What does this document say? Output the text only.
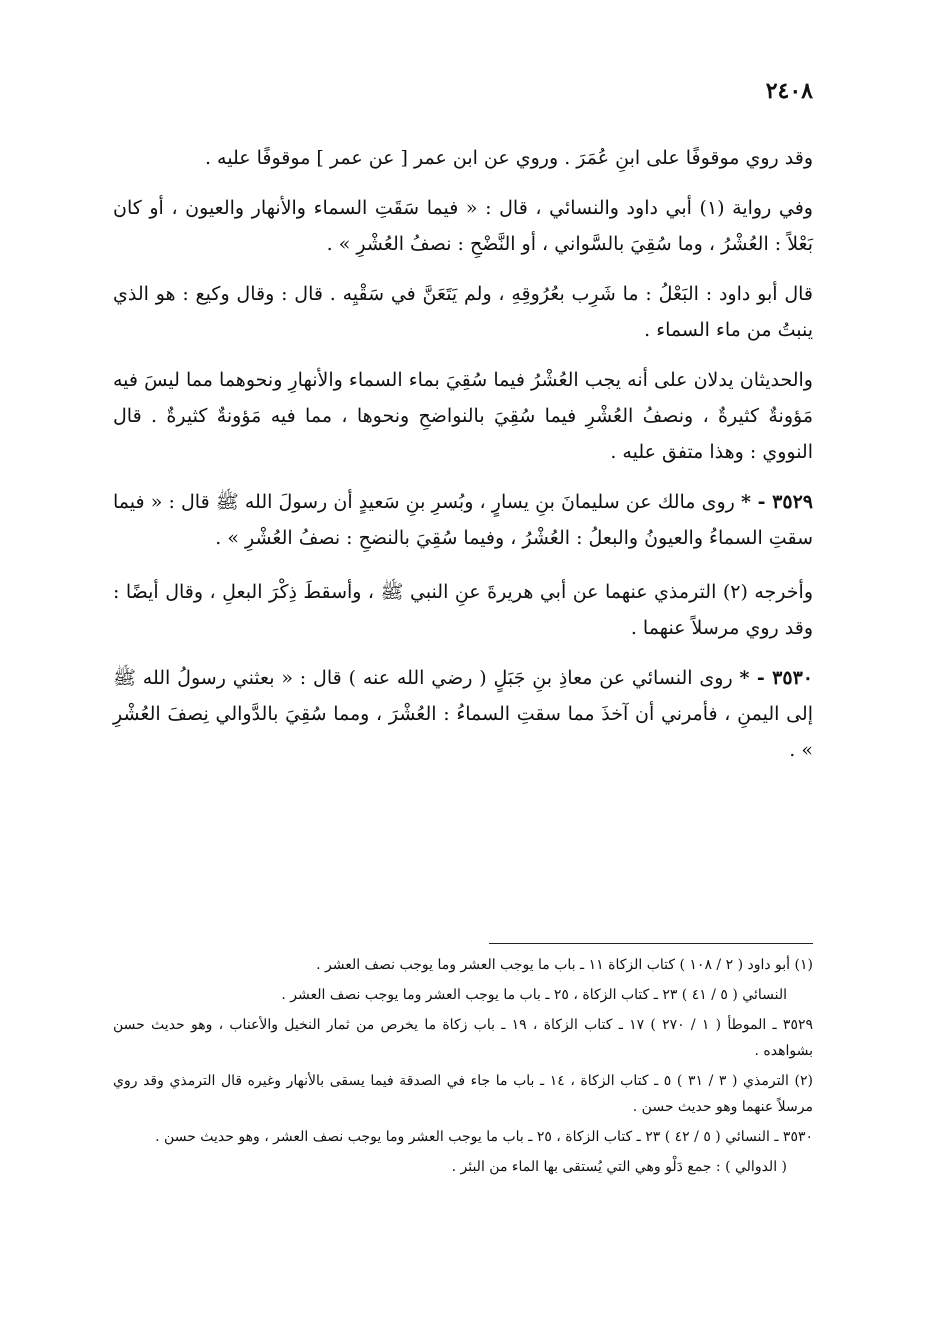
٢٤٠٨

وقد روي موقوفًا على ابنِ عُمَرَ . وروي عن ابن عمر [ عن عمر ] موقوفًا عليه .

وفي رواية (١) أبي داود والنسائي ، قال : « فيما سَقَتِ السماء والأنهار والعيون ، أو كان بَعْلاً : العُشْرُ ، وما سُقِيَ بالسَّواني ، أو النَّضْحِ : نصفُ العُشْرِ » .

قال أبو داود : البَعْلُ : ما شَرِب بعُرُوقِهِ ، ولم يَتَعَنَّ في سَقْيِه . قال : وقال وكيع : هو الذي ينبتُ من ماء السماء .

والحديثان يدلان على أنه يجب العُشْرُ فيما سُقِيَ بماء السماء والأنهارِ ونحوهما مما ليسَ فيه مَؤونةٌ كثيرةٌ ، ونصفُ العُشْرِ فيما سُقِيَ بالنواضحِ ونحوها ، مما فيه مَؤونةٌ كثيرةٌ . قال النووي : وهذا متفق عليه .

٣٥٢٩ - * روى مالك عن سليمانَ بنِ يسارٍ ، وبُسرِ بنِ سَعيدٍ أن رسولَ الله ﷺ قال : « فيما سقتِ السماءُ والعيونُ والبعلُ : العُشْرُ ، وفيما سُقِيَ بالنضحِ : نصفُ العُشْرِ » .

وأخرجه (٢) الترمذي عنهما عن أبي هريرةَ عنِ النبي ﷺ ، وأسقطَ ذِكْرَ البعلِ ، وقال أيضًا : وقد روي مرسلاً عنهما .

٣٥٣٠ - * روى النسائي عن معاذِ بنِ جَبَلٍ ( رضي الله عنه ) قال : « بعثني رسولُ الله ﷺ إلى اليمنِ ، فأمرني أن آخذَ مما سقتِ السماءُ : العُشْرَ ، ومما سُقِيَ بالدَّوالي نِصفَ العُشْرِ » .

(١) أبو داود ( ٢ / ١٠٨ ) كتاب الزكاة ١١ ـ باب ما يوجب العشر وما يوجب نصف العشر .

النسائي ( ٥ / ٤١ ) ٢٣ ـ كتاب الزكاة ، ٢٥ ـ باب ما يوجب العشر وما يوجب نصف العشر .

٣٥٢٩ ـ الموطأ ( ١ / ٢٧٠ ) ١٧ ـ كتاب الزكاة ، ١٩ ـ باب زكاة ما يخرص من ثمار النخيل والأعناب ، وهو حديث حسن بشواهده .

(٢) الترمذي ( ٣ / ٣١ ) ٥ ـ كتاب الزكاة ، ١٤ ـ باب ما جاء في الصدقة فيما يسقى بالأنهار وغيره قال الترمذي وقد روي مرسلاً عنهما وهو حديث حسن .

٣٥٣٠ ـ النسائي ( ٥ / ٤٢ ) ٢٣ ـ كتاب الزكاة ، ٢٥ ـ باب ما يوجب العشر وما يوجب نصف العشر ، وهو حديث حسن .

( الدوالي ) : جمع دَلْو وهي التي يُستقى بها الماء من البئر .
